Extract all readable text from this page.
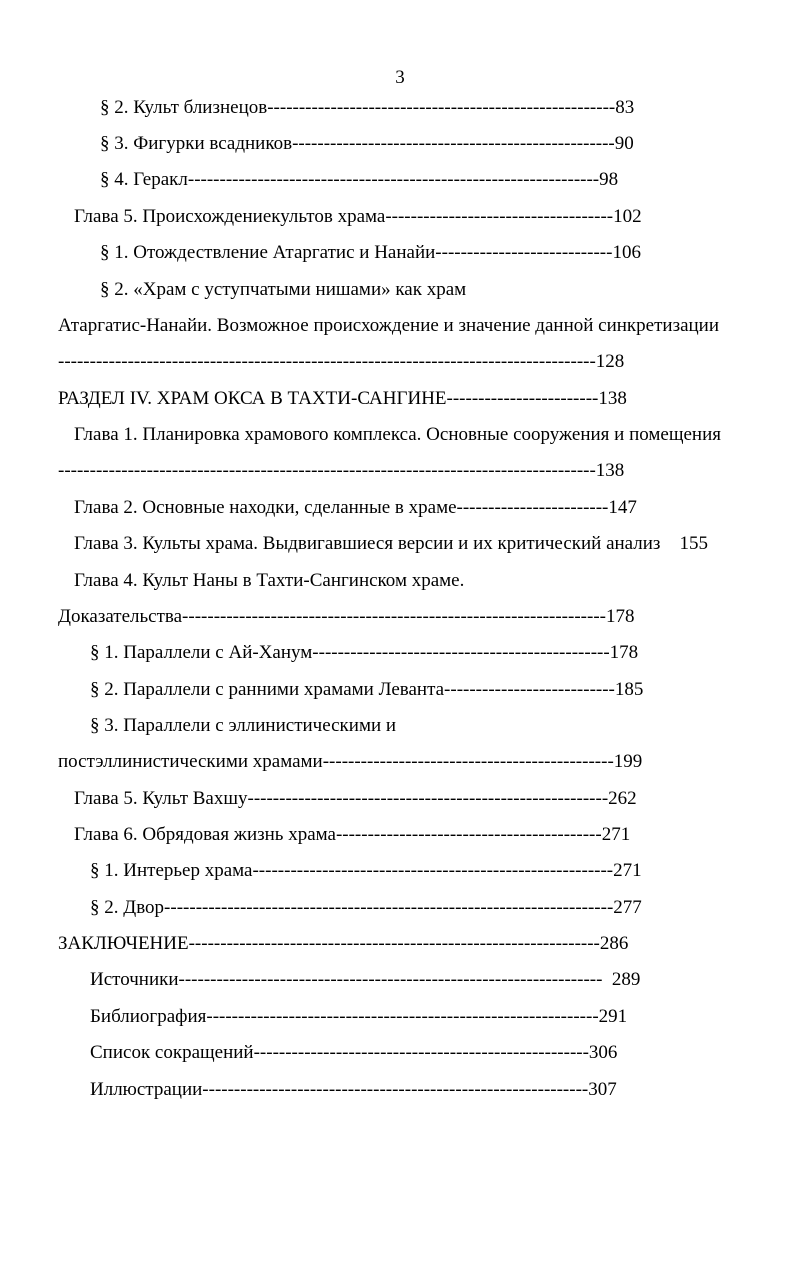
3
§ 2. Культ близнецов-------------------------------------------------------83
§ 3. Фигурки всадников---------------------------------------------------90
§ 4. Геракл-----------------------------------------------------------------98
Глава 5. Происхождениекультов храма------------------------------------102
§ 1. Отождествление Атаргатис и Нанайи----------------------------106
§ 2. «Храм с уступчатыми нишами» как храм
Атаргатис-Нанайи. Возможное происхождение и значение данной синкретизации
-------------------------------------------------------------------------------------128
РАЗДЕЛ IV. ХРАМ ОКСА В ТАХТИ-САНГИНЕ------------------------138
Глава 1. Планировка храмового комплекса. Основные сооружения и помещения
-------------------------------------------------------------------------------------138
Глава 2. Основные находки, сделанные в храме------------------------147
Глава 3. Культы храма. Выдвигавшиеся версии и их критический анализ    155
Глава 4. Культ Наны в Тахти-Сангинском храме.
Доказательства-------------------------------------------------------------------178
§ 1. Параллели с Ай-Ханум-----------------------------------------------178
§ 2. Параллели с ранними храмами Леванта---------------------------185
§ 3. Параллели с эллинистическими и
постэллинистическими храмами----------------------------------------------199
Глава 5. Культ Вахшу---------------------------------------------------------262
Глава 6. Обрядовая жизнь храма------------------------------------------271
§ 1. Интерьер храма---------------------------------------------------------271
§ 2. Двор-----------------------------------------------------------------------277
ЗАКЛЮЧЕНИЕ-----------------------------------------------------------------286
Источники-------------------------------------------------------------------  289
Библиография--------------------------------------------------------------291
Список сокращений-----------------------------------------------------306
Иллюстрации-------------------------------------------------------------307
